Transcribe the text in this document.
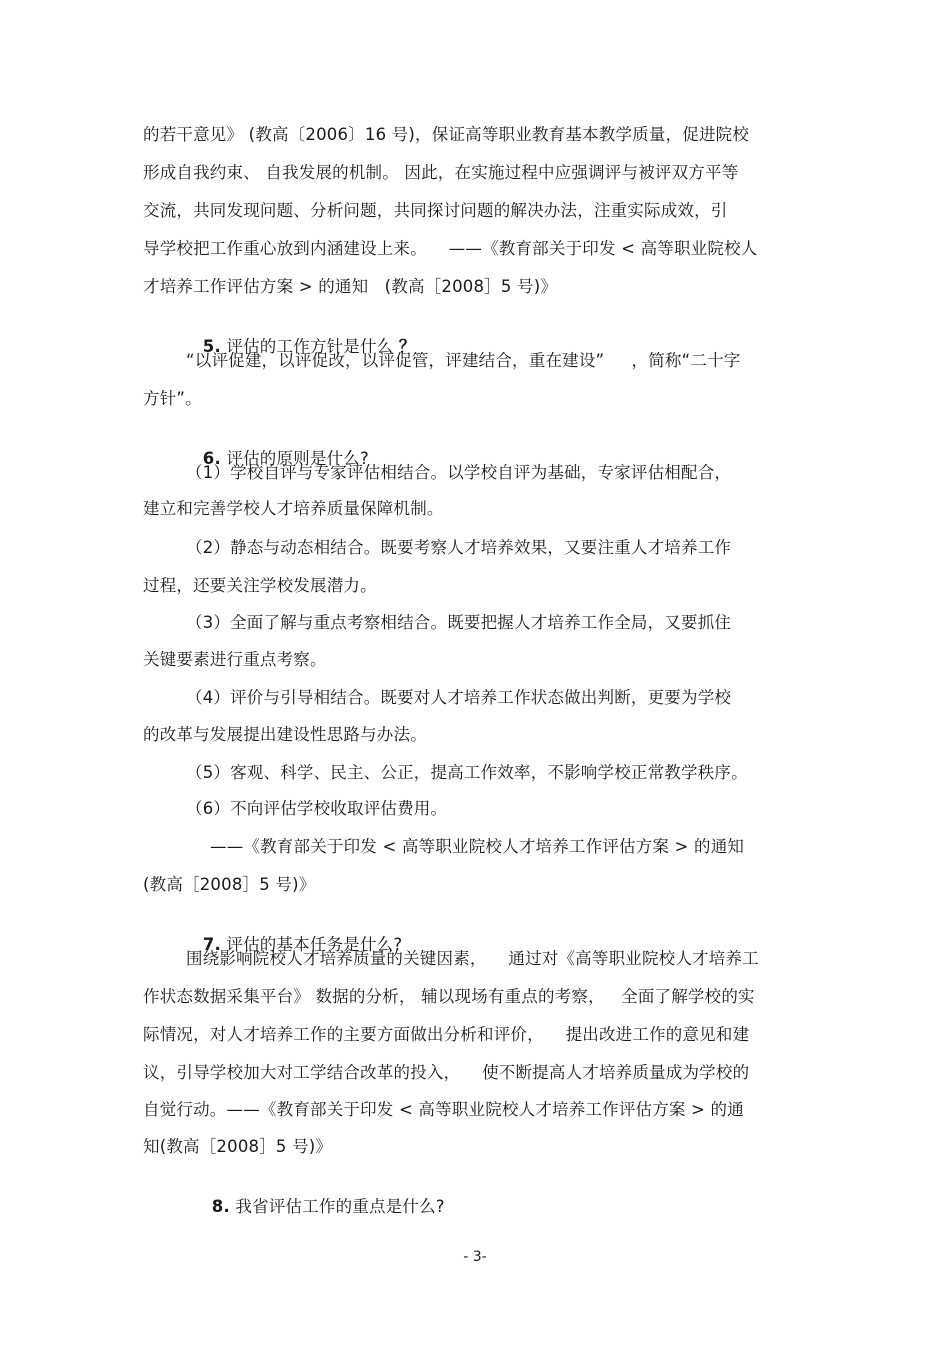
的若干意见》 (教高〔2006〕16 号)，保证高等职业教育基本教学质量，促进院校
形成自我约束、 自我发展的机制。 因此，在实施过程中应强调评与被评双方平等
交流，共同发现问题、分析问题，共同探讨问题的解决办法，注重实际成效，引
导学校把工作重心放到内涵建设上来。    ——《教育部关于印发 < 高等职业院校人
才培养工作评估方案 > 的通知   (教高［2008］5 号)》

5. 评估的工作方针是什么 ？

“以评促建，以评促改，以评促管，评建结合，重在建设”     ，简称“二十字
方针”。

6. 评估的原则是什么?

（1）学校自评与专家评估相结合。以学校自评为基础，专家评估相配合，
建立和完善学校人才培养质量保障机制。
（2）静态与动态相结合。既要考察人才培养效果，又要注重人才培养工作
过程，还要关注学校发展潜力。
（3）全面了解与重点考察相结合。既要把握人才培养工作全局，又要抓住
关键要素进行重点考察。
（4）评价与引导相结合。既要对人才培养工作状态做出判断，更要为学校
的改革与发展提出建设性思路与办法。
（5）客观、科学、民主、公正，提高工作效率，不影响学校正常教学秩序。
（6）不向评估学校收取评估费用。
——《教育部关于印发 < 高等职业院校人才培养工作评估方案 > 的通知
(教高［2008］5 号)》

7. 评估的基本任务是什么?

围绕影响院校人才培养质量的关键因素，    通过对《高等职业院校人才培养工
作状态数据采集平台》 数据的分析， 辅以现场有重点的考察，   全面了解学校的实
际情况，对人才培养工作的主要方面做出分析和评价，    提出改进工作的意见和建
议，引导学校加大对工学结合改革的投入，    使不断提高人才培养质量成为学校的
自觉行动。——《教育部关于印发 < 高等职业院校人才培养工作评估方案 > 的通
知(教高［2008］5 号)》

8. 我省评估工作的重点是什么?

- 3-
